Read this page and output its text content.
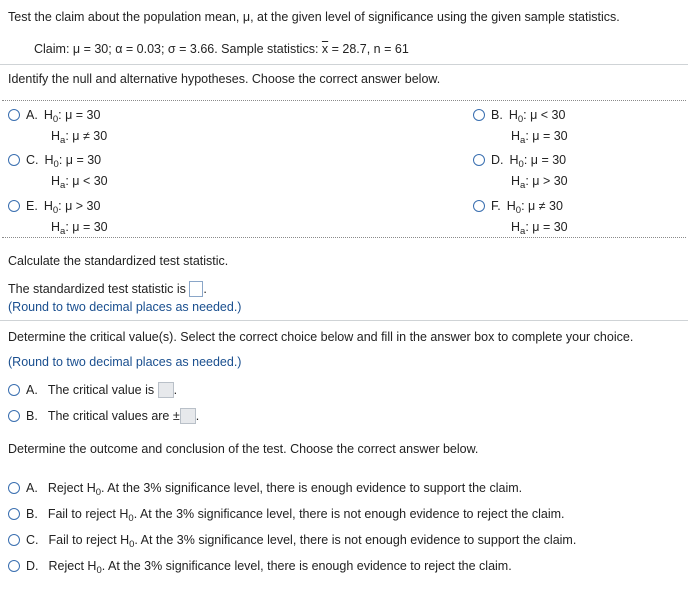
Test the claim about the population mean, μ, at the given level of significance using the given sample statistics.
Claim: μ = 30; α = 0.03; σ = 3.66. Sample statistics: $\overline{x} = 28.7$, n = 61
Identify the null and alternative hypotheses. Choose the correct answer below.
A. $H_0$: μ = 30
$H_a$: μ ≠ 30
B. $H_0$: μ < 30
$H_a$: μ = 30
C. $H_0$: μ = 30
$H_a$: μ < 30
D. $H_0$: μ = 30
$H_a$: μ > 30
E. $H_0$: μ > 30
$H_a$: μ = 30
F. $H_0$: μ ≠ 30
$H_a$: μ = 30
Calculate the standardized test statistic.
The standardized test statistic is .
(Round to two decimal places as needed.)
Determine the critical value(s). Select the correct choice below and fill in the answer box to complete your choice.
(Round to two decimal places as needed.)
A. The critical value is .
B. The critical values are ± .
Determine the outcome and conclusion of the test. Choose the correct answer below.
A. Reject $H_0$. At the 3% significance level, there is enough evidence to support the claim.
B. Fail to reject $H_0$. At the 3% significance level, there is not enough evidence to reject the claim.
C. Fail to reject $H_0$. At the 3% significance level, there is not enough evidence to support the claim.
D. Reject $H_0$. At the 3% significance level, there is enough evidence to reject the claim.
